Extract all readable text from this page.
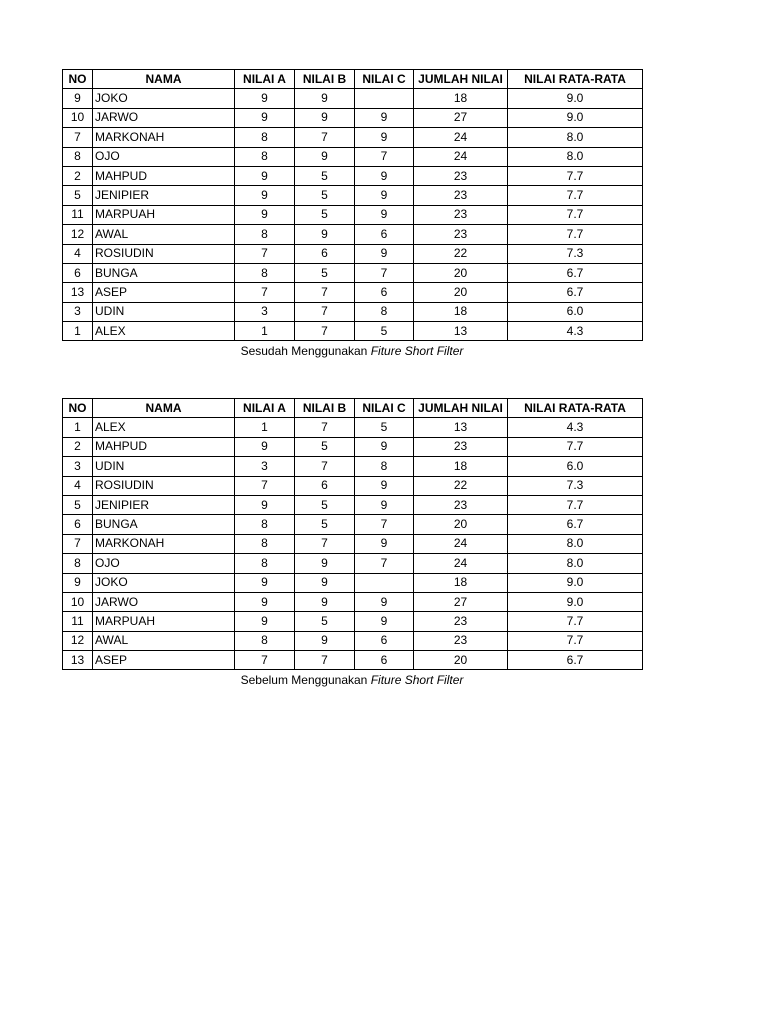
NO	NAMA	NILAI A	NILAI B	NILAI C	JUMLAH NILAI	NILAI RATA-RATA
9	JOKO	9	9		18	9.0
10	JARWO	9	9	9	27	9.0
7	MARKONAH	8	7	9	24	8.0
8	OJO	8	9	7	24	8.0
2	MAHPUD	9	5	9	23	7.7
5	JENIPIER	9	5	9	23	7.7
11	MARPUAH	9	5	9	23	7.7
12	AWAL	8	9	6	23	7.7
4	ROSIUDIN	7	6	9	22	7.3
6	BUNGA	8	5	7	20	6.7
13	ASEP	7	7	6	20	6.7
3	UDIN	3	7	8	18	6.0
1	ALEX	1	7	5	13	4.3
Sesudah Menggunakan Fiture Short Filter
NO	NAMA	NILAI A	NILAI B	NILAI C	JUMLAH NILAI	NILAI RATA-RATA
1	ALEX	1	7	5	13	4.3
2	MAHPUD	9	5	9	23	7.7
3	UDIN	3	7	8	18	6.0
4	ROSIUDIN	7	6	9	22	7.3
5	JENIPIER	9	5	9	23	7.7
6	BUNGA	8	5	7	20	6.7
7	MARKONAH	8	7	9	24	8.0
8	OJO	8	9	7	24	8.0
9	JOKO	9	9		18	9.0
10	JARWO	9	9	9	27	9.0
11	MARPUAH	9	5	9	23	7.7
12	AWAL	8	9	6	23	7.7
13	ASEP	7	7	6	20	6.7
Sebelum Menggunakan Fiture Short Filter
